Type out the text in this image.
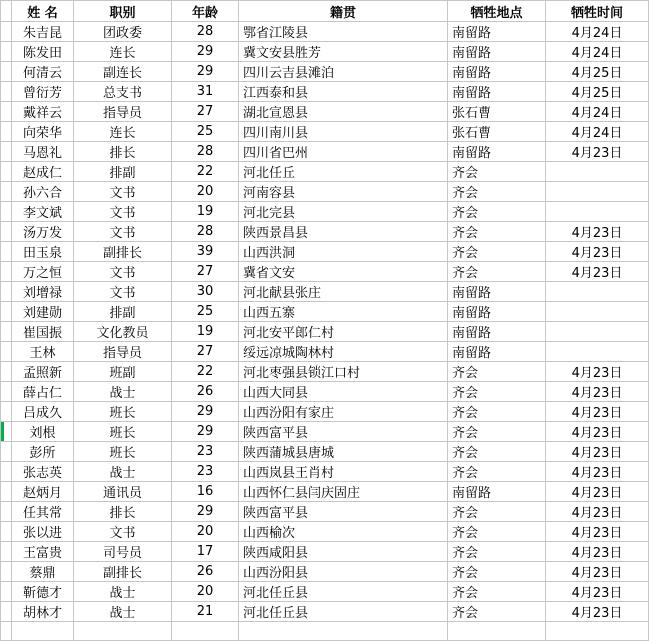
	姓 名	职别	年龄	籍贯	牺牲地点	牺牲时间
	朱吉昆	团政委	28	鄂省江陵县	南留路	4月24日
	陈发田	连长	29	冀文安县胜芳	南留路	4月24日
	何清云	副连长	29	四川云吉县滩泊	南留路	4月25日
	曾衍芳	总支书	31	江西泰和县	南留路	4月25日
	戴祥云	指导员	27	湖北宣恩县	张石曹	4月24日
	向荣华	连长	25	四川南川县	张石曹	4月24日
	马恩礼	排长	28	四川省巴州	南留路	4月23日
	赵成仁	排副	22	河北任丘	齐会	
	孙六合	文书	20	河南容县	齐会	
	李文斌	文书	19	河北完县	齐会	
	汤万发	文书	28	陕西景昌县	齐会	4月23日
	田玉泉	副排长	39	山西洪洞	齐会	4月23日
	万之恒	文书	27	冀省文安	齐会	4月23日
	刘增禄	文书	30	河北献县张庄	南留路	
	刘建勋	排副	25	山西五寨	南留路	
	崔国振	文化教员	19	河北安平郎仁村	南留路	
	王林	指导员	27	绥远凉城陶林村	南留路	
	孟照新	班副	22	河北枣强县锁江口村	齐会	4月23日
	薛占仁	战士	26	山西大同县	齐会	4月23日
	吕成久	班长	29	山西汾阳有家庄	齐会	4月23日

	刘根	班长	29	陕西富平县	齐会	4月23日
	彭所	班长	23	陕西蒲城县唐城	齐会	4月23日
	张志英	战士	23	山西岚县王肖村	齐会	4月23日
	赵炳月	通讯员	16	山西怀仁县闫庆固庄	南留路	4月23日
	任其常	排长	29	陕西富平县	齐会	4月23日
	张以进	文书	20	山西榆次	齐会	4月23日
	王富贵	司号员	17	陕西咸阳县	齐会	4月23日
	蔡鼎	副排长	26	山西汾阳县	齐会	4月23日
	靳德才	战士	20	河北任丘县	齐会	4月23日
	胡林才	战士	21	河北任丘县	齐会	4月23日
